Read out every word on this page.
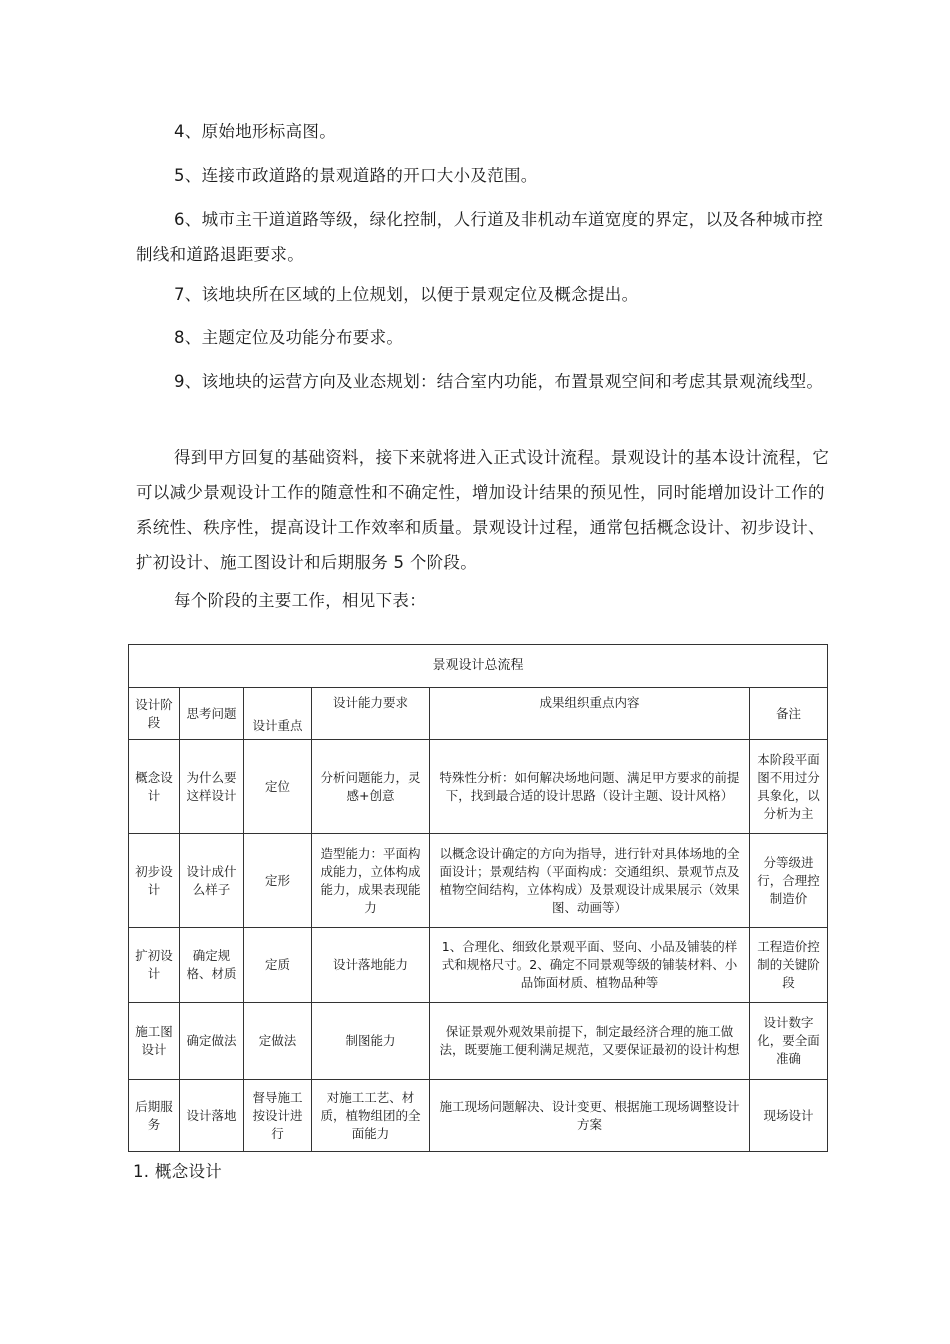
4、原始地形标高图。

5、连接市政道路的景观道路的开口大小及范围。

6、城市主干道道路等级，绿化控制，人行道及非机动车道宽度的界定，以及各种城市控制线和道路退距要求。

7、该地块所在区域的上位规划，以便于景观定位及概念提出。

8、主题定位及功能分布要求。

9、该地块的运营方向及业态规划：结合室内功能，布置景观空间和考虑其景观流线型。

得到甲方回复的基础资料，接下来就将进入正式设计流程。景观设计的基本设计流程，它可以减少景观设计工作的随意性和不确定性，增加设计结果的预见性，同时能增加设计工作的系统性、秩序性，提高设计工作效率和质量。景观设计过程，通常包括概念设计、初步设计、扩初设计、施工图设计和后期服务 5 个阶段。

每个阶段的主要工作，相见下表：

景观设计总流程					
设计阶段	思考问题	设计重点	设计能力要求	成果组织重点内容	备注
概念设计	为什么要这样设计	定位	分析问题能力，灵感+创意	特殊性分析：如何解决场地问题、满足甲方要求的前提下，找到最合适的设计思路（设计主题、设计风格）	本阶段平面图不用过分具象化，以分析为主
初步设计	设计成什么样子	定形	造型能力：平面构成能力，立体构成能力，成果表现能力	以概念设计确定的方向为指导，进行针对具体场地的全面设计；景观结构（平面构成：交通组织、景观节点及植物空间结构，立体构成）及景观设计成果展示（效果图、动画等）	分等级进行，合理控制造价
扩初设计	确定规格、材质	定质	设计落地能力	1、合理化、细致化景观平面、竖向、小品及铺装的样式和规格尺寸。2、确定不同景观等级的铺装材料、小品饰面材质、植物品种等	工程造价控制的关键阶段
施工图设计	确定做法	定做法	制图能力	保证景观外观效果前提下，制定最经济合理的施工做法，既要施工便利满足规范，又要保证最初的设计构想	设计数字化，要全面准确
后期服务	设计落地	督导施工按设计进行	对施工工艺、材质，植物组团的全面能力	施工现场问题解决、设计变更、根据施工现场调整设计方案	现场设计

1. 概念设计
